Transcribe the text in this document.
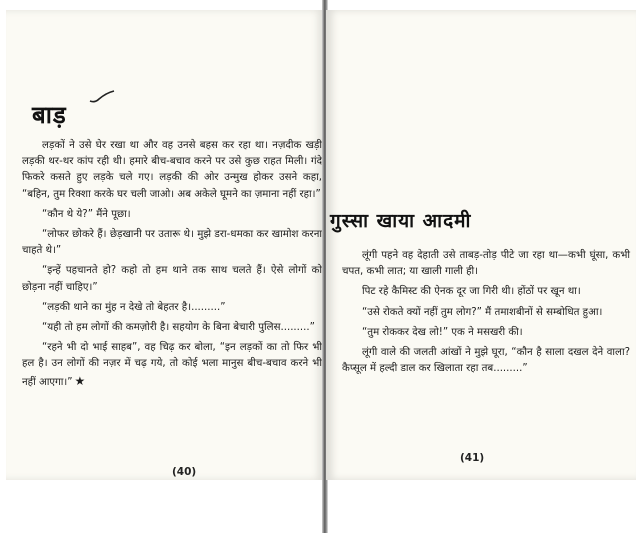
बाड़

लड़कों ने उसे घेर रखा था और वह उनसे बहस कर रहा था। नज़दीक खड़ी लड़की थर-थर कांप रही थी। हमारे बीच-बचाव करने पर उसे कुछ राहत मिली। गंदे फिकरे कसते हुए लड़के चले गए। लड़की की ओर उन्मुख होकर उसने कहा, “बहिन, तुम रिक्शा करके घर चली जाओ। अब अकेले घूमने का ज़माना नहीं रहा।”

“कौन थे ये?” मैंने पूछा।

“लोफर छोकरे हैं। छेड़खानी पर उतारू थे। मुझे डरा-धमका कर खामोश करना चाहते थे।”

“इन्हें पहचानते हो? कहो तो हम थाने तक साथ चलते हैं। ऐसे लोगों को छोड़ना नहीं चाहिए।”

“लड़की थाने का मुंह न देखे तो बेहतर है।.........”

“यही तो हम लोगों की कमज़ोरी है। सहयोग के बिना बेचारी पुलिस.........”

“रहने भी दो भाई साहब”, वह चिढ़ कर बोला, “इन लड़कों का तो फिर भी हल है। उन लोगों की नज़र में चढ़ गये, तो कोई भला मानुस बीच-बचाव करने भी नहीं आएगा।” ★

(40)
गुस्सा खाया आदमी

लूंगी पहने वह देहाती उसे ताबड़-तोड़ पीटे जा रहा था—कभी घूंसा, कभी चपत, कभी लात; या खाली गाली ही।

पिट रहे कैमिस्ट की ऐनक दूर जा गिरी थी। होंठों पर खून था।

“उसे रोकते क्यों नहीं तुम लोग?” मैं तमाशबीनों से सम्बोधित हुआ।

“तुम रोककर देख लो!” एक ने मसखरी की।

लूंगी वाले की जलती आंखों ने मुझे घूरा, “कौन है साला दखल देने वाला? कैप्सूल में हल्दी डाल कर खिलाता रहा तब.........”

(41)
